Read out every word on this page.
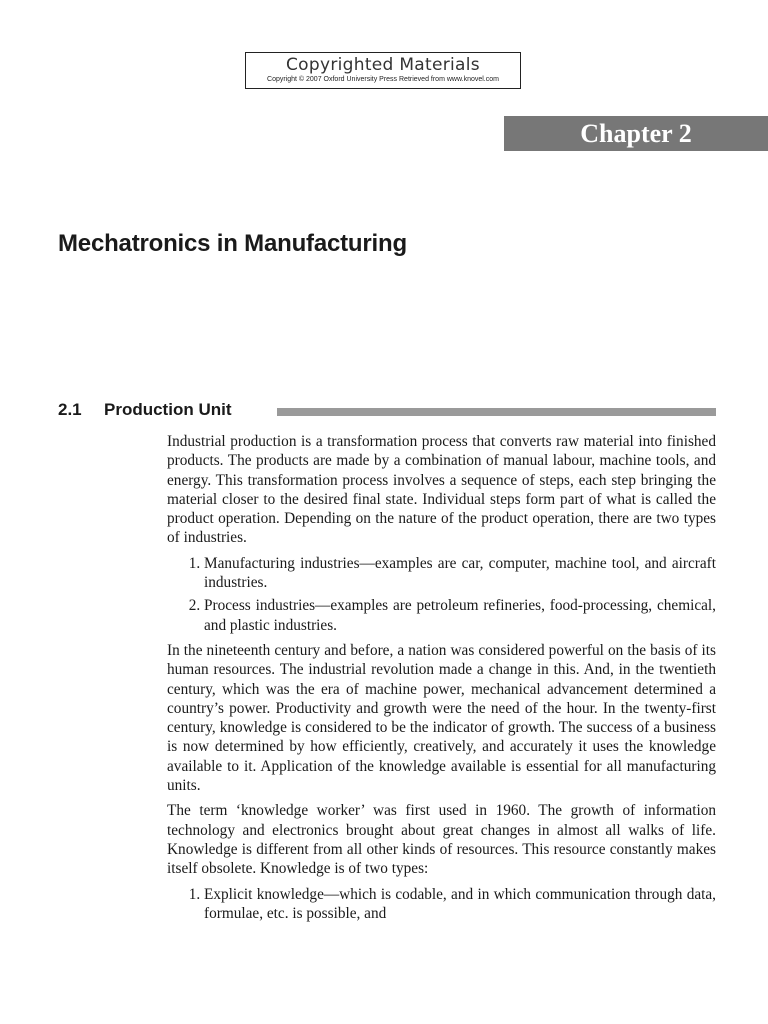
Copyrighted Materials
Copyright © 2007 Oxford University Press Retrieved from www.knovel.com
Chapter 2
Mechatronics in Manufacturing
2.1 Production Unit

Industrial production is a transformation process that converts raw material into finished products. The products are made by a combination of manual labour, machine tools, and energy. This transformation process involves a sequence of steps, each step bringing the material closer to the desired final state. Individual steps form part of what is called the product operation. Depending on the nature of the product operation, there are two types of industries.

1. Manufacturing industries—examples are car, computer, machine tool, and aircraft industries.
2. Process industries—examples are petroleum refineries, food-processing, chemical, and plastic industries.

In the nineteenth century and before, a nation was considered powerful on the basis of its human resources. The industrial revolution made a change in this. And, in the twentieth century, which was the era of machine power, mechanical advancement determined a country’s power. Productivity and growth were the need of the hour. In the twenty-first century, knowledge is considered to be the indicator of growth. The success of a business is now determined by how efficiently, creatively, and accurately it uses the knowledge available to it. Application of the knowledge available is essential for all manufacturing units.

The term ‘knowledge worker’ was first used in 1960. The growth of information technology and electronics brought about great changes in almost all walks of life. Knowledge is different from all other kinds of resources. This resource constantly makes itself obsolete. Knowledge is of two types:

1. Explicit knowledge—which is codable, and in which communication through data, formulae, etc. is possible, and
